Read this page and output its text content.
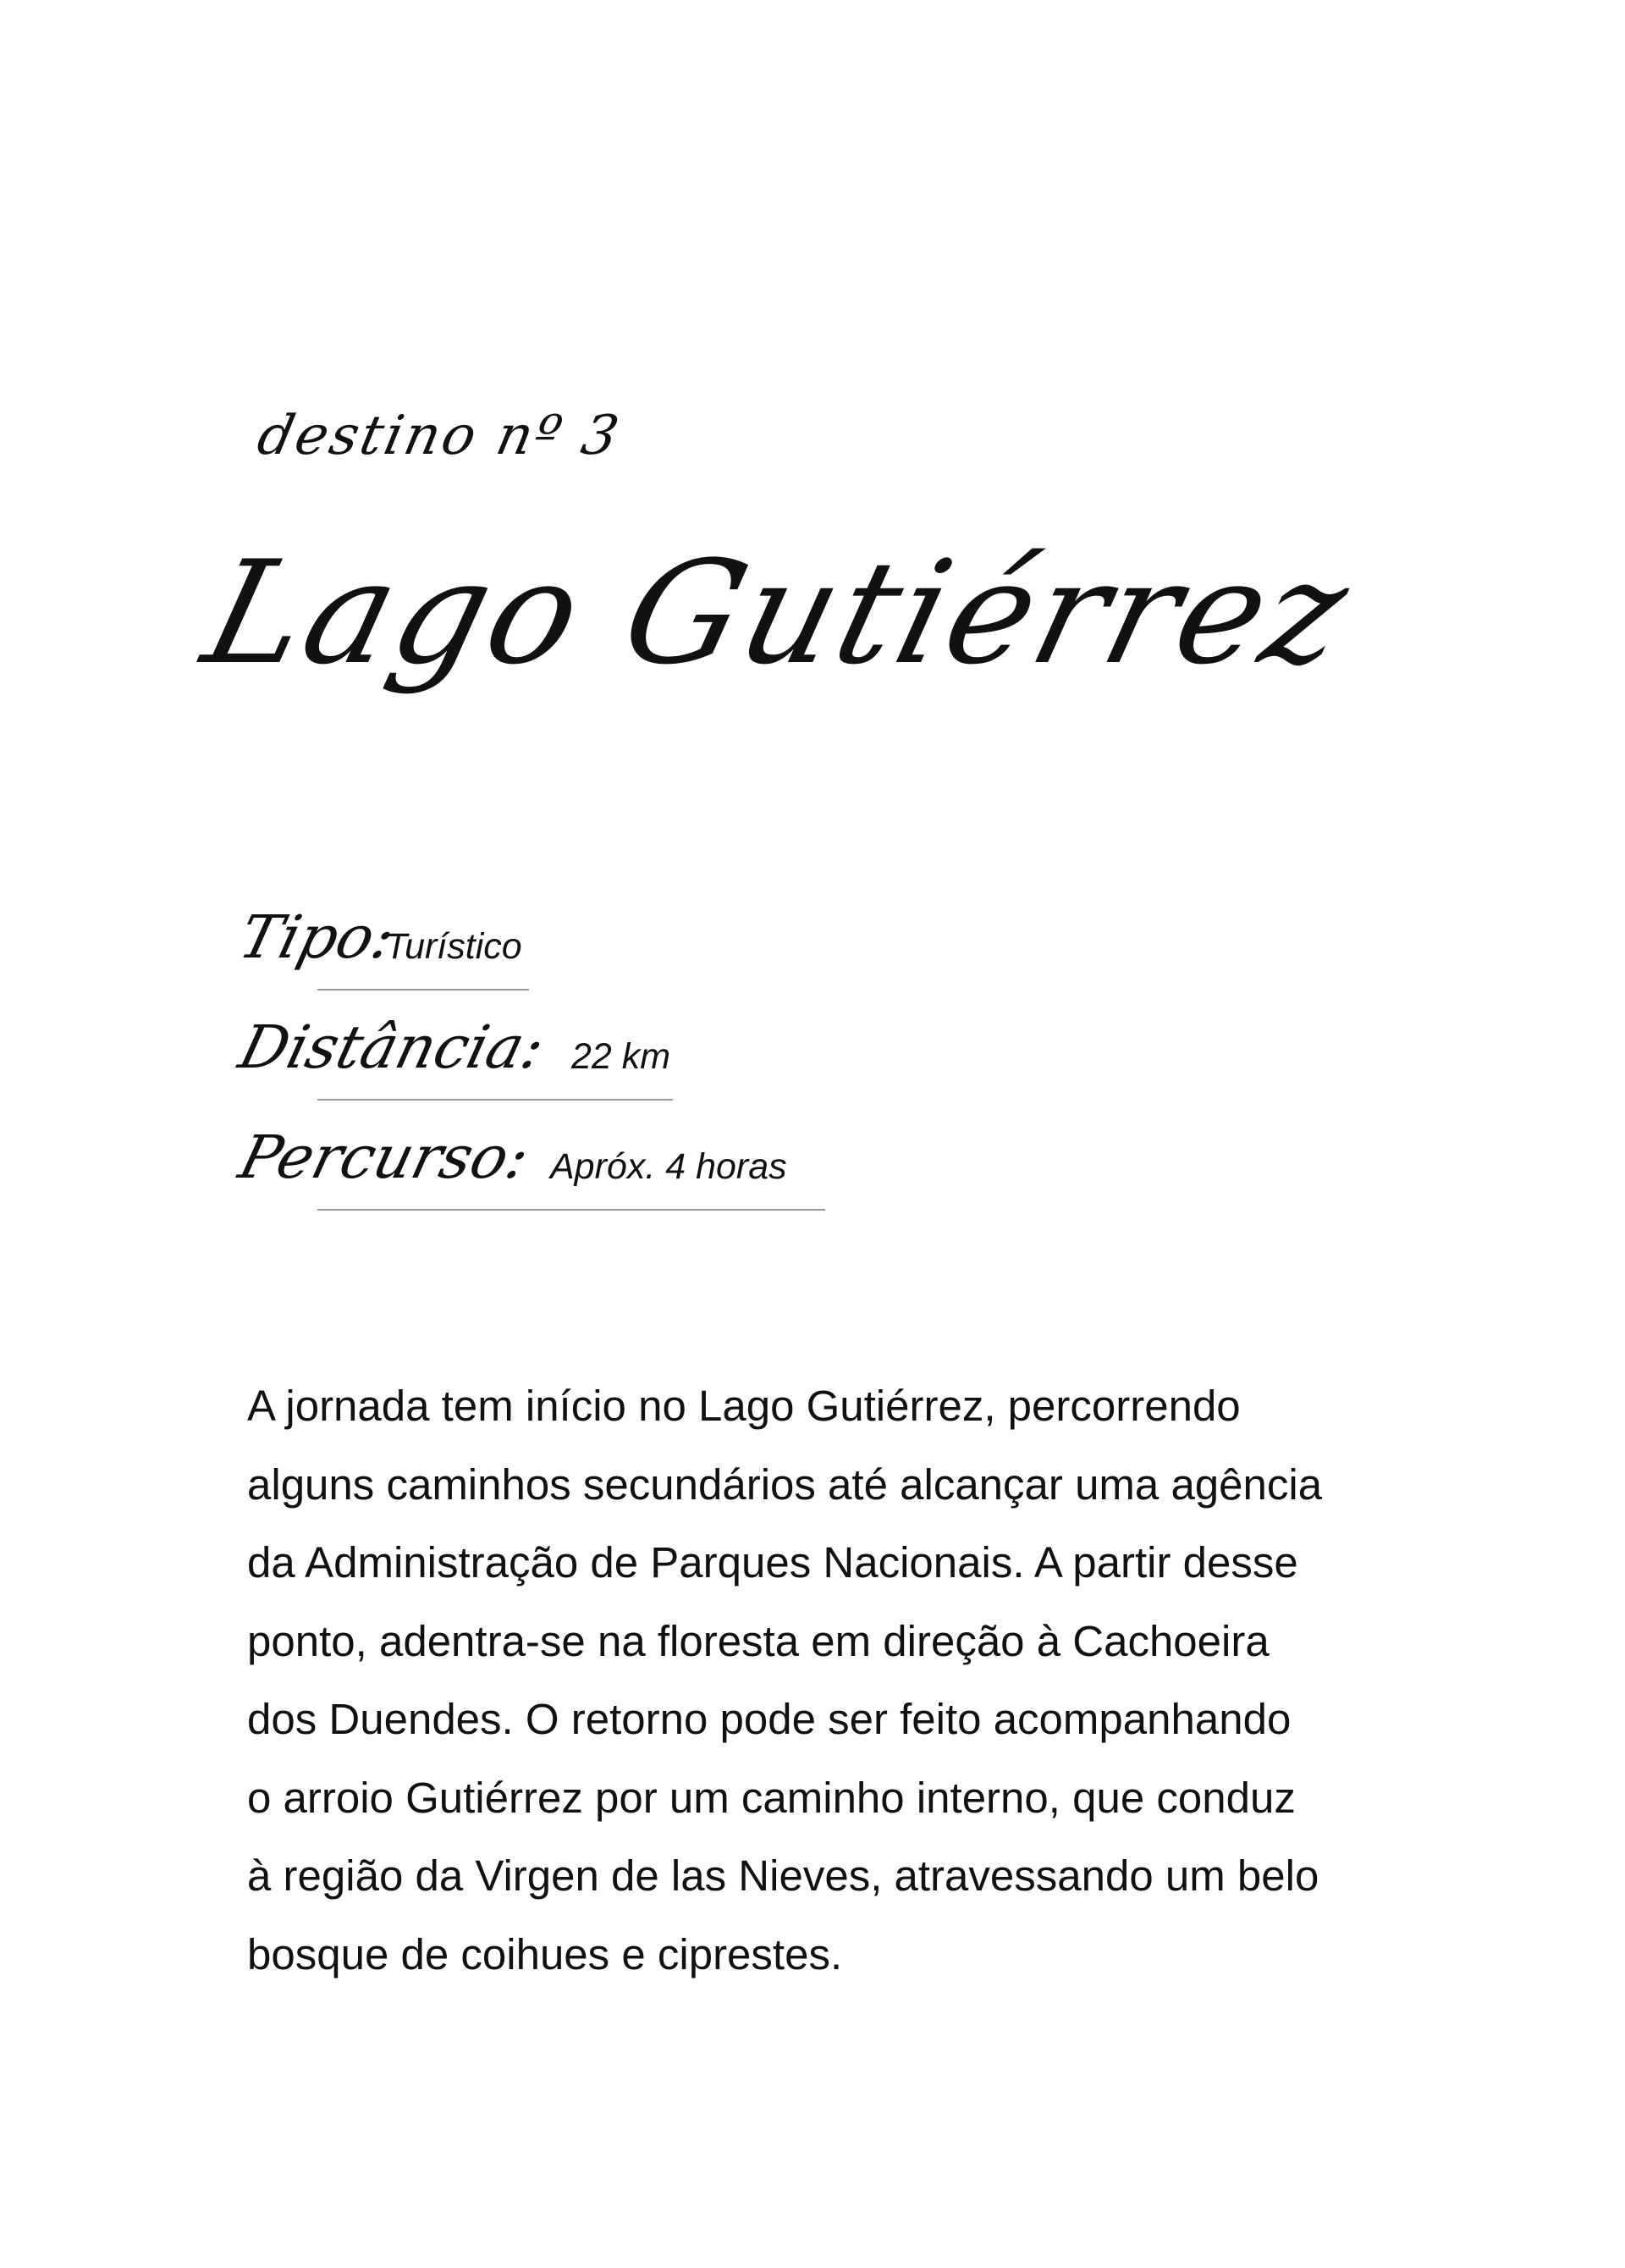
destino nº 3
Lago Gutiérrez
Tipo:
Turístico
Distância: 22 km
Percurso: Apróx. 4 horas

A jornada tem início no Lago Gutiérrez, percorrendo
alguns caminhos secundários até alcançar uma agência
da Administração de Parques Nacionais. A partir desse
ponto, adentra-se na floresta em direção à Cachoeira
dos Duendes. O retorno pode ser feito acompanhando
o arroio Gutiérrez por um caminho interno, que conduz
à região da Virgen de las Nieves, atravessando um belo
bosque de coihues e ciprestes.
